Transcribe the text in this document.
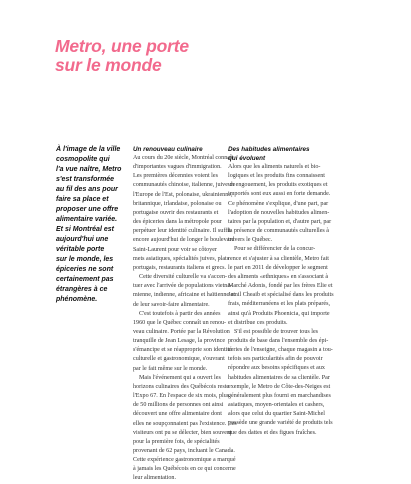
Metro, une porte
sur le monde
À l'image de la ville
cosmopolite qui
l'a vue naître, Metro
s'est transformée
au fil des ans pour
faire sa place et
proposer une offre
alimentaire variée.
Et si Montréal est
aujourd'hui une
véritable porte
sur le monde, les
épiceries ne sont
certainement pas
étrangères à ce
phénomène.
Un renouveau culinaire
Au cours du 20e siècle, Montréal connaît
d'importantes vagues d'immigration.
Les premières décennies voient les
communautés chinoise, italienne, juive de
l'Europe de l'Est, polonaise, ukrainienne,
britannique, irlandaise, polonaise ou
portugaise ouvrir des restaurants et
des épiceries dans la métropole pour
perpétuer leur identité culinaire. Il suffit
encore aujourd'hui de longer le boulevard
Saint-Laurent pour voir se côtoyer
mets asiatiques, spécialités juives, plats
portugais, restaurants italiens et grecs.
Cette diversité culturelle va s'accen-
tuer avec l'arrivée de populations vietna-
mienne, indienne, africaine et haïtienne et
de leur savoir-faire alimentaire.
C'est toutefois à partir des années
1960 que le Québec connaît un renou-
veau culinaire. Portée par la Révolution
tranquille de Jean Lesage, la province
s'émancipe et se réapproprie son identité
culturelle et gastronomique, s'ouvrant
par le fait même sur le monde.
Mais l'événement qui a ouvert les
horizons culinaires des Québécois reste
l'Expo 67. En l'espace de six mois, plus
de 50 millions de personnes ont ainsi
découvert une offre alimentaire dont
elles ne soupçonnaient pas l'existence. Les
visiteurs ont pu se délecter, bien souvent
pour la première fois, de spécialités
provenant de 62 pays, incluant le Canada.
Cette expérience gastronomique a marqué
à jamais les Québécois en ce qui concerne
leur alimentation.
Des habitudes alimentaires
qui évoluent
Alors que les aliments naturels et bio-
logiques et les produits fins connaissent
un engouement, les produits exotiques et
importés sont eux aussi en forte demande.
Ce phénomène s'explique, d'une part, par
l'adoption de nouvelles habitudes alimen-
taires par la population et, d'autre part, par
la présence de communautés culturelles à
travers le Québec.
Pour se différencier de la concur-
rence et s'ajuster à sa clientèle, Metro fait
le pari en 2011 de développer le segment
des aliments «ethniques» en s'associant à
Marché Adonis, fondé par les frères Elie et
Jamil Cheaib et spécialisé dans les produits
frais, méditerranéens et les plats préparés,
ainsi qu'à Produits Phoenicia, qui importe
et distribue ces produits.
S'il est possible de trouver tous les
produits de base dans l'ensemble des épi-
ceries de l'enseigne, chaque magasin a tou-
tefois ses particularités afin de pouvoir
répondre aux besoins spécifiques et aux
habitudes alimentaires de sa clientèle. Par
exemple, le Metro de Côte-des-Neiges est
généralement plus fourni en marchandises
asiatiques, moyen-orientales et cashers,
alors que celui du quartier Saint-Michel
possède une grande variété de produits tels
que des dattes et des figues fraîches.
